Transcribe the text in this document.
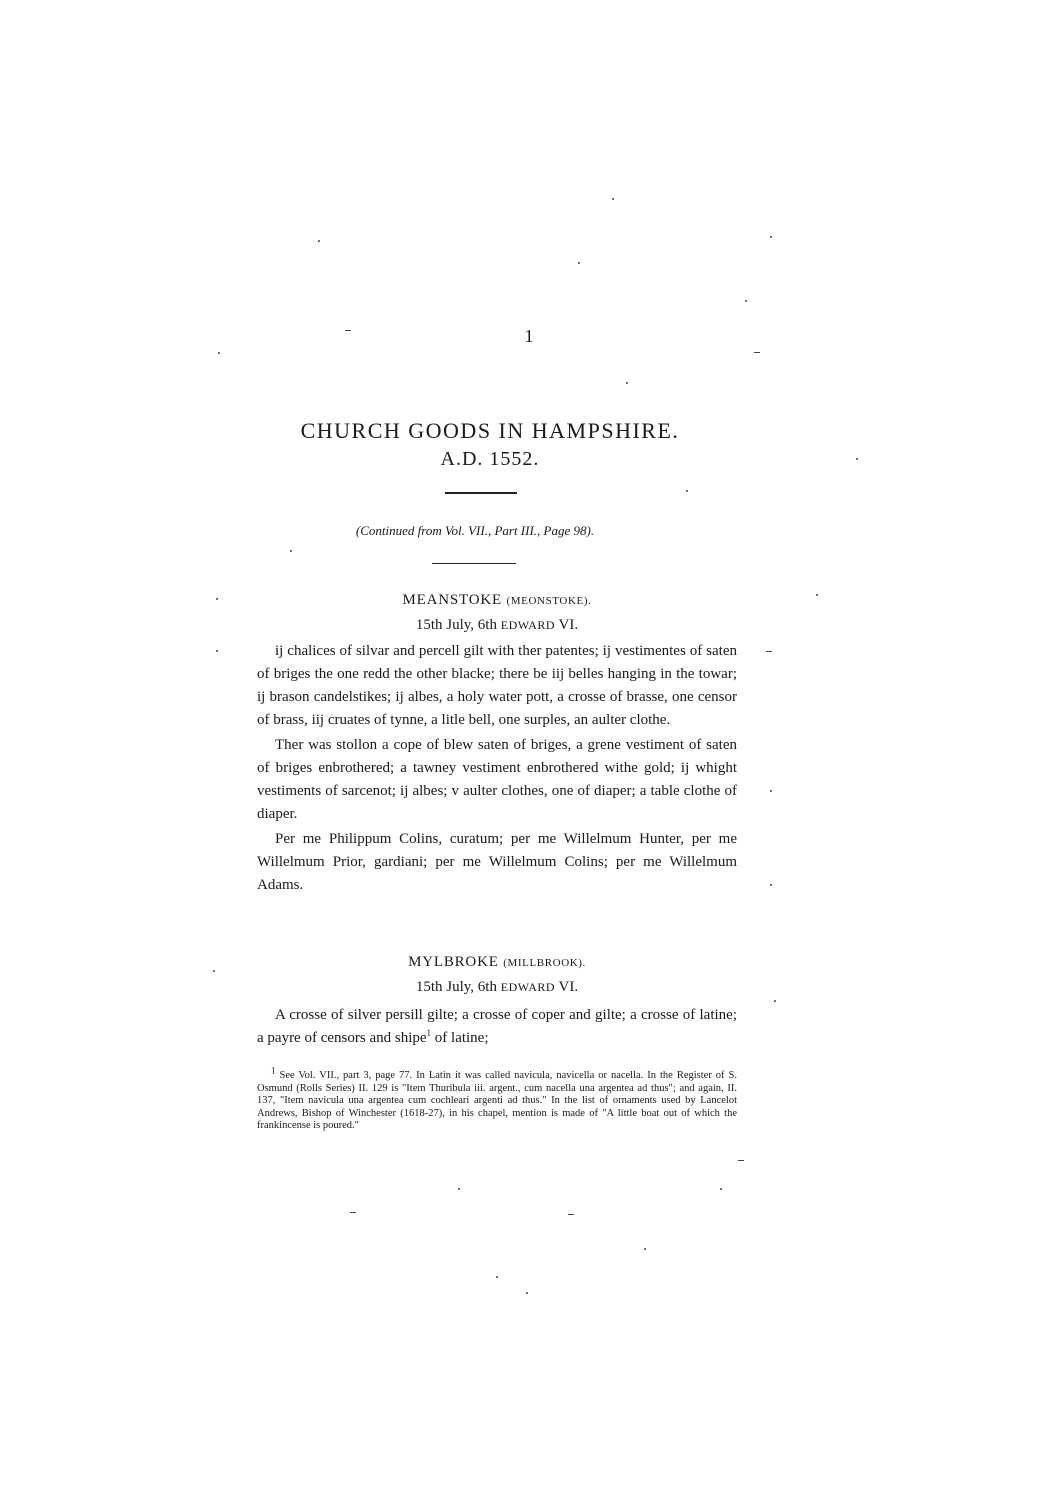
1
CHURCH GOODS IN HAMPSHIRE.
A.D. 1552.
(Continued from Vol. VII., Part III., Page 98).

MEANSTOKE (MEONSTOKE).

15th July, 6th EDWARD VI.

ij chalices of silvar and percell gilt with ther patentes; ij vestimentes of saten of briges the one redd the other blacke; there be iij belles hanging in the towar; ij brason candelstikes; ij albes, a holy water pott, a crosse of brasse, one censor of brass, iij cruates of tynne, a litle bell, one surples, an aulter clothe.

Ther was stollon a cope of blew saten of briges, a grene vestiment of saten of briges enbrothered; a tawney vestiment enbrothered withe gold; ij whight vestiments of sarcenot; ij albes; v aulter clothes, one of diaper; a table clothe of diaper.

Per me Philippum Colins, curatum; per me Willelmum Hunter, per me Willelmum Prior, gardiani; per me Willelmum Colins; per me Willelmum Adams.

MYLBROKE (MILLBROOK).

15th July, 6th EDWARD VI.

A crosse of silver persill gilte; a crosse of coper and gilte; a crosse of latine; a payre of censors and shipe$^1$ of latine;

$^1$ See Vol. VII., part 3, page 77. In Latin it was called navicula, navicella or nacella. In the Register of S. Osmund (Rolls Series) II. 129 is "Item Thuribula iii. argent., cum nacella una argentea ad thus"; and again, II. 137, "Item navicula una argentea cum cochleari argenti ad thus." In the list of ornaments used by Lancelot Andrews, Bishop of Winchester (1618-27), in his chapel, mention is made of "A little boat out of which the frankincense is poured."
